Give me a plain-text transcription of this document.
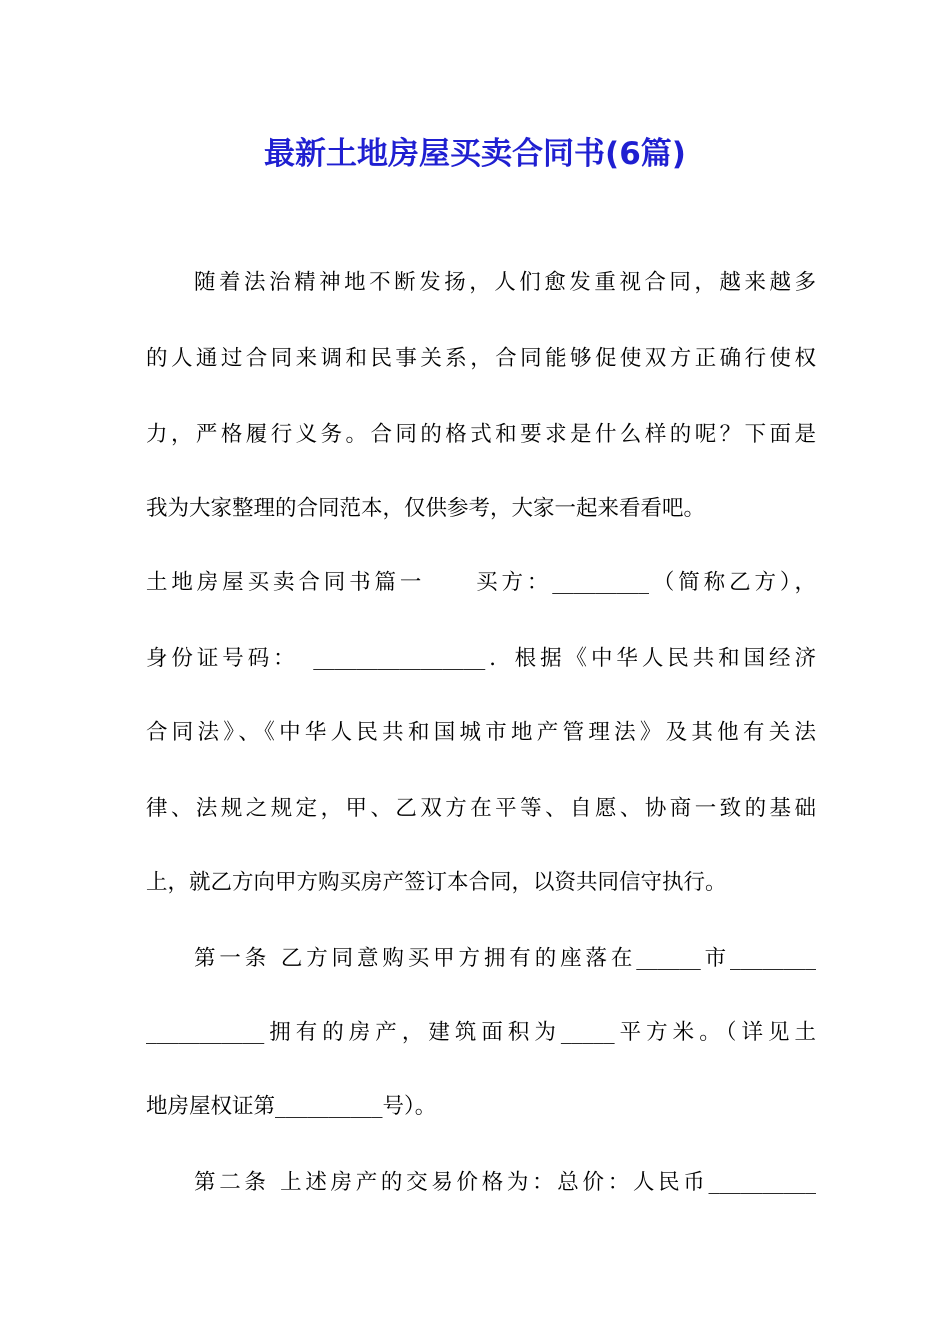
最新土地房屋买卖合同书(6篇)

随着法治精神地不断发扬，人们愈发重视合同，越来越多

的人通过合同来调和民事关系，合同能够促使双方正确行使权

力，严格履行义务。合同的格式和要求是什么样的呢？下面是

我为大家整理的合同范本，仅供参考，大家一起来看看吧。

土地房屋买卖合同书篇一　　买方：_________（简称乙方），

身份证号码：　________________．根据《中华人民共和国经济

合同法》、《中华人民共和国城市地产管理法》及其他有关法

律、法规之规定，甲、乙双方在平等、自愿、协商一致的基础

上，就乙方向甲方购买房产签订本合同，以资共同信守执行。

第一条 乙方同意购买甲方拥有的座落在______市________

___________拥有的房产，建筑面积为_____平方米。（详见土

地房屋权证第__________号）。

第二条 上述房产的交易价格为：总价：人民币__________
